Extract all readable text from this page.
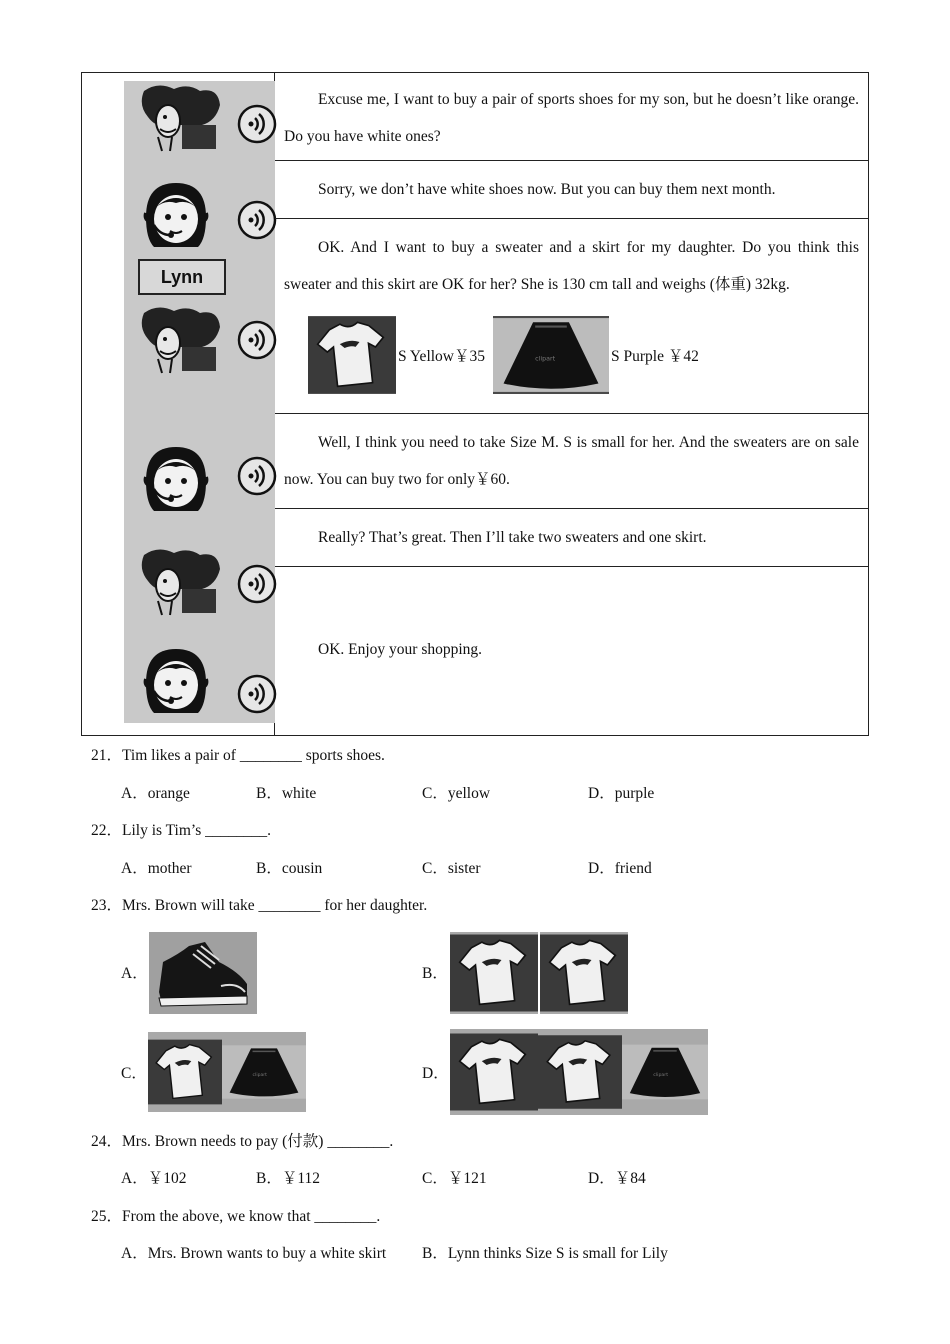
Lynn

Excuse me, I want to buy a pair of sports shoes for my son, but he doesn’t like orange. Do you have white ones?

Sorry, we don’t have white shoes now. But you can buy them next month.

OK. And I want to buy a sweater and a skirt for my daughter. Do you think this sweater and this skirt are OK for her? She is 130 cm tall and weighs (体重) 32kg.

S Yellow￥35	S Purple ￥42

Well, I think you need to take Size M. S is small for her. And the sweaters are on sale now. You can buy two for only￥60.

Really? That’s great. Then I’ll take two sweaters and one skirt.

OK. Enjoy your shopping.

21．Tim likes a pair of ________ sports shoes.
A．orange	B．white	C．yellow	D．purple
22．Lily is Tim’s ________.
A．mother	B．cousin	C．sister	D．friend
23．Mrs. Brown will take ________ for her daughter.
A．	B．
C．	D．
24．Mrs. Brown needs to pay (付款) ________.
A．￥102	B．￥112	C．￥121	D．￥84
25．From the above, we know that ________.
A．Mrs. Brown wants to buy a white skirt B．Lynn thinks Size S is small for Lily
